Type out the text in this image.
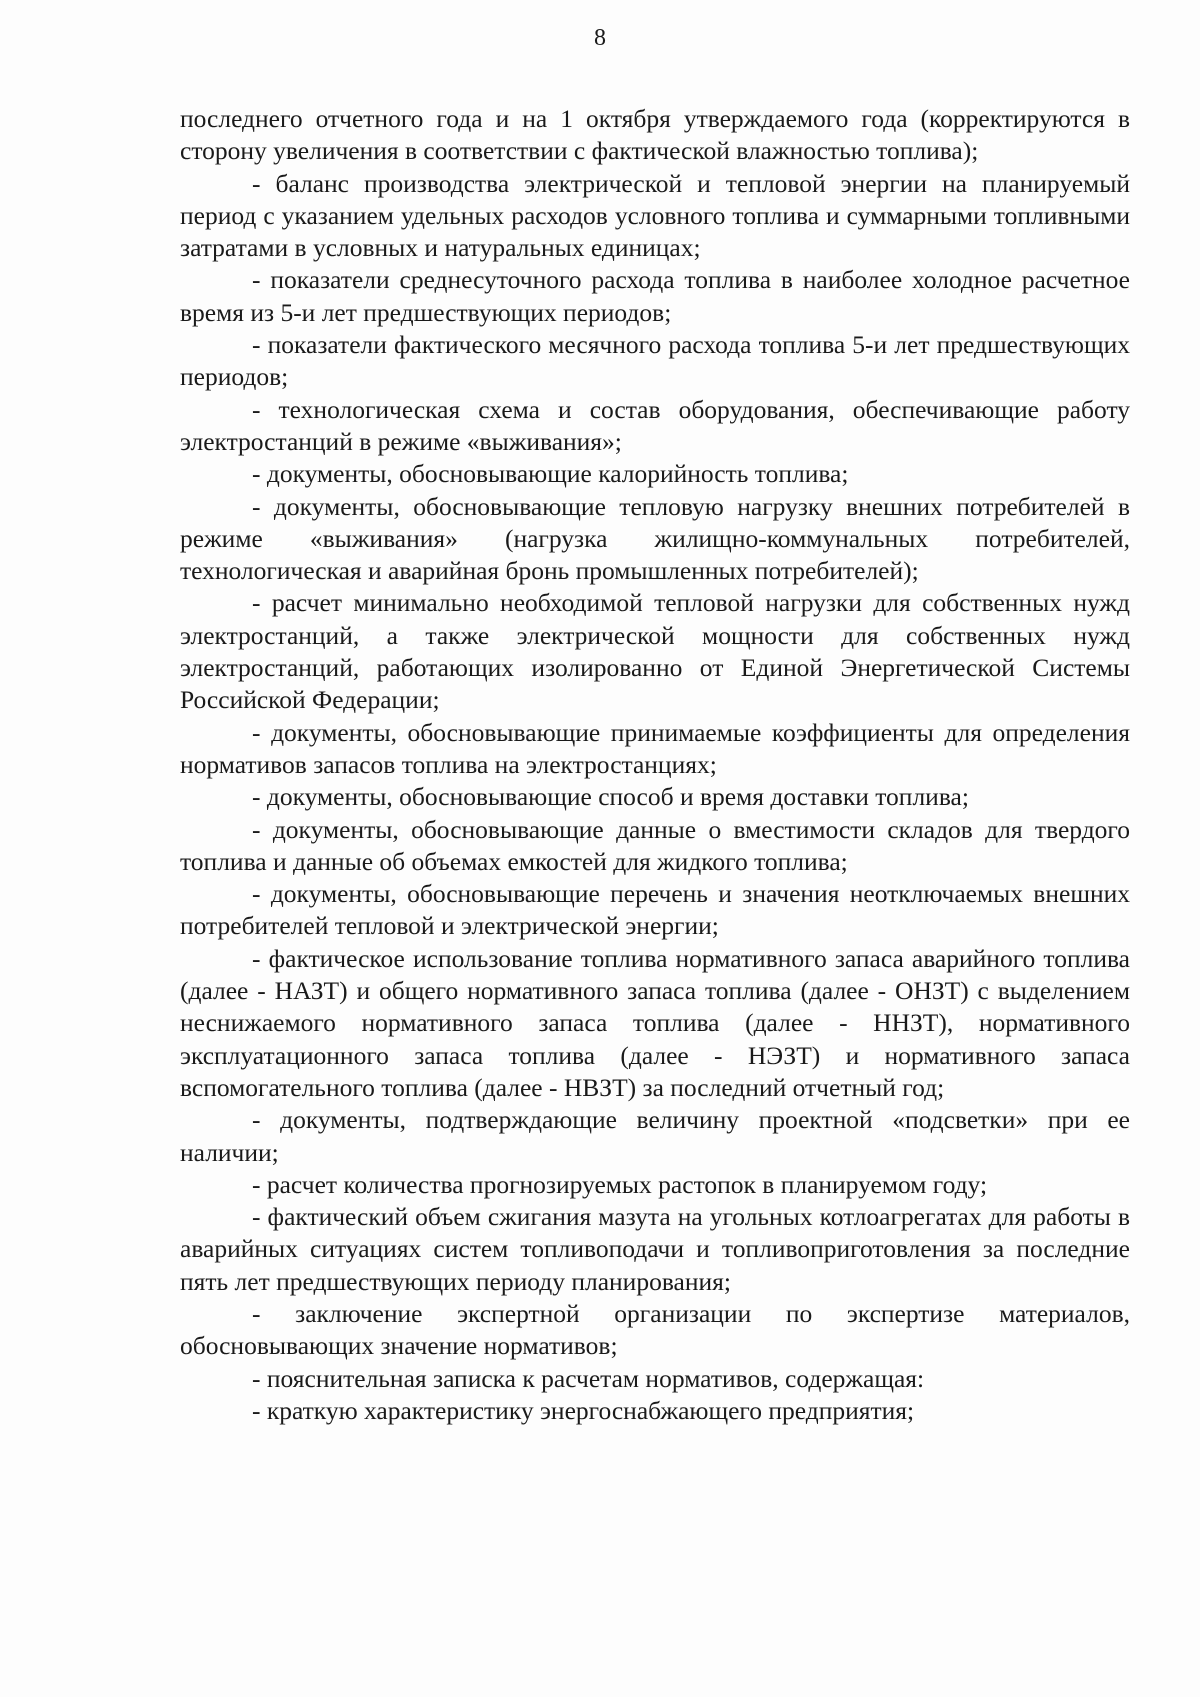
8

последнего отчетного года и на 1 октября утверждаемого года (корректируются в сторону увеличения в соответствии с фактической влажностью топлива);

- баланс производства электрической и тепловой энергии на планируемый период с указанием удельных расходов условного топлива и суммарными топливными затратами в условных и натуральных единицах;

- показатели среднесуточного расхода топлива в наиболее холодное расчетное время из 5-и лет предшествующих периодов;

- показатели фактического месячного расхода топлива 5-и лет предшествующих периодов;

- технологическая схема и состав оборудования, обеспечивающие работу электростанций в режиме «выживания»;

- документы, обосновывающие калорийность топлива;

- документы, обосновывающие тепловую нагрузку внешних потребителей в режиме «выживания» (нагрузка жилищно-коммунальных потребителей, технологическая и аварийная бронь промышленных потребителей);

- расчет минимально необходимой тепловой нагрузки для собственных нужд электростанций, а также электрической мощности для собственных нужд электростанций, работающих изолированно от Единой Энергетической Системы Российской Федерации;

- документы, обосновывающие принимаемые коэффициенты для определения нормативов запасов топлива на электростанциях;

- документы, обосновывающие способ и время доставки топлива;

- документы, обосновывающие данные о вместимости складов для твердого топлива и данные об объемах емкостей для жидкого топлива;

- документы, обосновывающие перечень и значения неотключаемых внешних потребителей тепловой и электрической энергии;

- фактическое использование топлива нормативного запаса аварийного топлива (далее - НАЗТ) и общего нормативного запаса топлива (далее - ОНЗТ) с выделением неснижаемого нормативного запаса топлива (далее - ННЗТ), нормативного эксплуатационного запаса топлива (далее - НЭЗТ) и нормативного запаса вспомогательного топлива (далее - НВЗТ) за последний отчетный год;

- документы, подтверждающие величину проектной «подсветки» при ее наличии;

- расчет количества прогнозируемых растопок в планируемом году;

- фактический объем сжигания мазута на угольных котлоагрегатах для работы в аварийных ситуациях систем топливоподачи и топливоприготовления за последние пять лет предшествующих периоду планирования;

- заключение экспертной организации по экспертизе материалов, обосновывающих значение нормативов;

- пояснительная записка к расчетам нормативов, содержащая:

- краткую характеристику энергоснабжающего предприятия;
